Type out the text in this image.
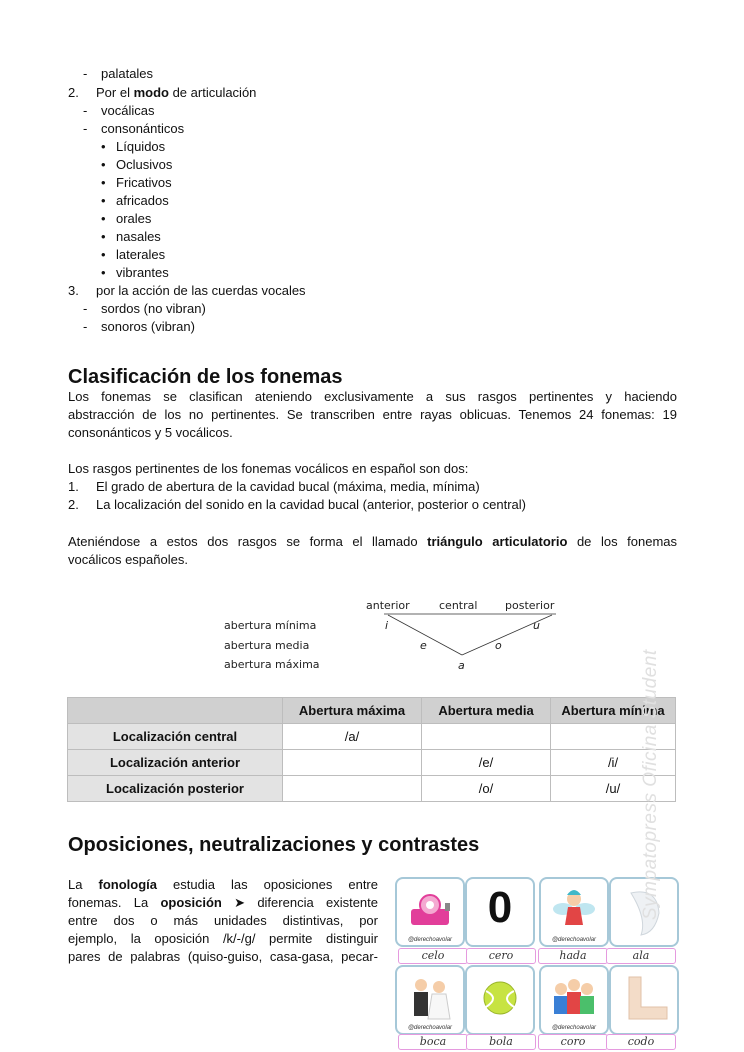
- palatales
2. Por el modo de articulación
- vocálicas
- consonánticos
• Líquidos
• Oclusivos
• Fricativos
• africados
• orales
• nasales
• laterales
• vibrantes
3. por la acción de las cuerdas vocales
- sordos (no vibran)
- sonoros (vibran)
Clasificación de los fonemas
Los fonemas se clasifican ateniendo exclusivamente a sus rasgos pertinentes y haciendo
abstracción de los no pertinentes. Se transcriben entre rayas oblicuas. Tenemos 24 fonemas: 19
consonánticos y 5 vocálicos.
Los rasgos pertinentes de los fonemas vocálicos en español son dos:
1. El grado de abertura de la cavidad bucal (máxima, media, mínima)
2. La localización del sonido en la cavidad bucal (anterior, posterior o central)
Ateniéndose a estos dos rasgos se forma el llamado triángulo articulatorio de los fonemas
vocálicos españoles.
anterior	central	posterior
abertura mínima
abertura media
abertura máxima
i	u
e	o
a
	Abertura máxima	Abertura media	Abertura mínima
Localización central	/a/		
Localización anterior		/e/	/i/
Localización posterior		/o/	/u/
Oposiciones, neutralizaciones y contrastes
La fonología estudia las oposiciones entre
fonemas. La oposición ➤ diferencia existente
entre dos o más unidades distintivas, por
ejemplo, la oposición /k/-/g/ permite distinguir
pares de palabras (quiso-guiso, casa-gasa, pecar-
@derechoavolar
0
@derechoavolar
celo	cero	hada	ala
@derechoavolar	@derechoavolar
boca	bola	coro	codo
Sympatopress Oficina Student
